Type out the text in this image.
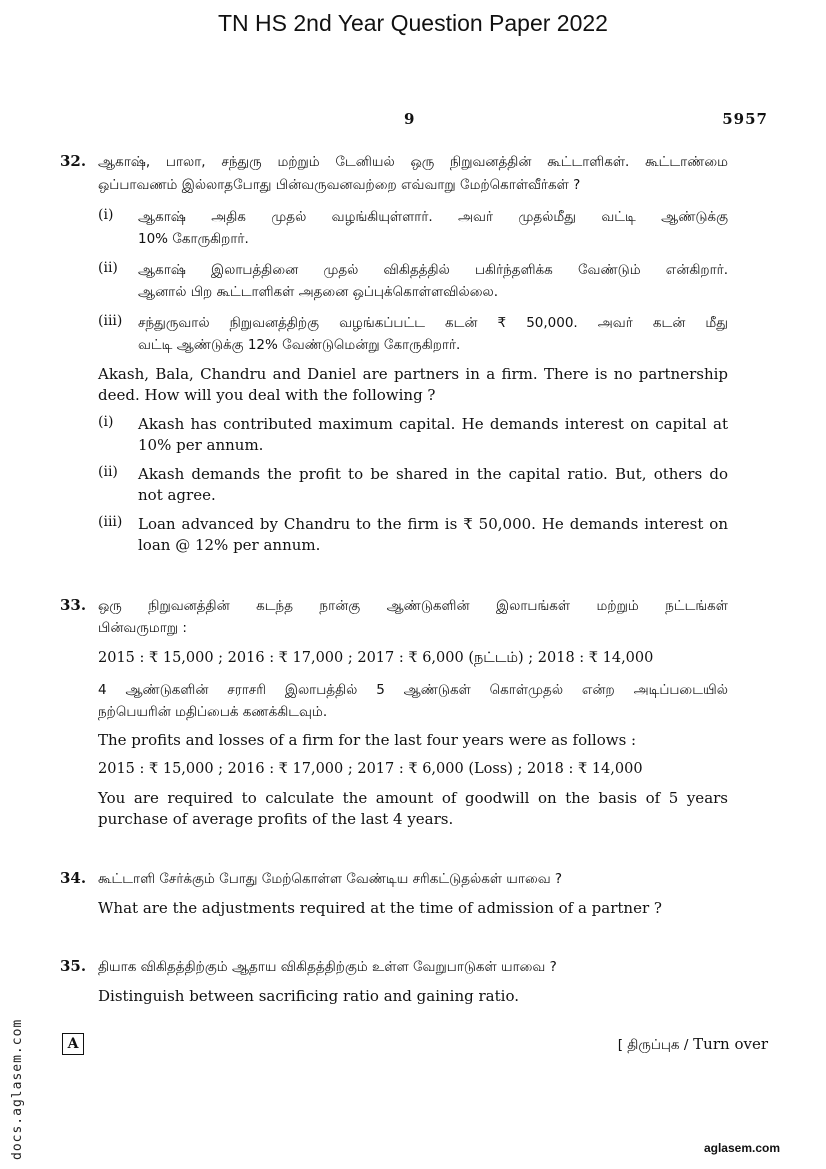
TN HS 2nd Year Question Paper 2022
9	5957
32. ஆகாஷ், பாலா, சந்துரு மற்றும் டேனியல் ஒரு நிறுவனத்தின் கூட்டாளிகள். கூட்டாண்மை
ஒப்பாவணம் இல்லாதபோது பின்வருவனவற்றை எவ்வாறு மேற்கொள்வீர்கள் ?
(i) ஆகாஷ் அதிக முதல் வழங்கியுள்ளார். அவர் முதல்மீது வட்டி ஆண்டுக்கு
10% கோருகிறார்.
(ii) ஆகாஷ் இலாபத்தினை முதல் விகிதத்தில் பகிர்ந்தளிக்க வேண்டும் என்கிறார்.
ஆனால் பிற கூட்டாளிகள் அதனை ஒப்புக்கொள்ளவில்லை.
(iii) சந்துருவால் நிறுவனத்திற்கு வழங்கப்பட்ட கடன் ₹ 50,000. அவர் கடன் மீது
வட்டி ஆண்டுக்கு 12% வேண்டுமென்று கோருகிறார்.
Akash, Bala, Chandru and Daniel are partners in a firm. There is no partnership
deed. How will you deal with the following ?
(i) Akash has contributed maximum capital. He demands interest on capital at
10% per annum.
(ii) Akash demands the profit to be shared in the capital ratio. But, others do
not agree.
(iii) Loan advanced by Chandru to the firm is ₹ 50,000. He demands interest on
loan @ 12% per annum.
33. ஒரு நிறுவனத்தின் கடந்த நான்கு ஆண்டுகளின் இலாபங்கள் மற்றும் நட்டங்கள்
பின்வருமாறு :
2015 : ₹ 15,000 ; 2016 : ₹ 17,000 ; 2017 : ₹ 6,000 (நட்டம்) ; 2018 : ₹ 14,000
4 ஆண்டுகளின் சராசரி இலாபத்தில் 5 ஆண்டுகள் கொள்முதல் என்ற அடிப்படையில்
நற்பெயரின் மதிப்பைக் கணக்கிடவும்.
The profits and losses of a firm for the last four years were as follows :
2015 : ₹ 15,000 ; 2016 : ₹ 17,000 ; 2017 : ₹ 6,000 (Loss) ; 2018 : ₹ 14,000
You are required to calculate the amount of goodwill on the basis of 5 years
purchase of average profits of the last 4 years.
34. கூட்டாளி சேர்க்கும் போது மேற்கொள்ள வேண்டிய சரிகட்டுதல்கள் யாவை ?
What are the adjustments required at the time of admission of a partner ?
35. தியாக விகிதத்திற்கும் ஆதாய விகிதத்திற்கும் உள்ள வேறுபாடுகள் யாவை ?
Distinguish between sacrificing ratio and gaining ratio.
A	[ திருப்புக / Turn over
docs.aglasem.com	aglasem.com
